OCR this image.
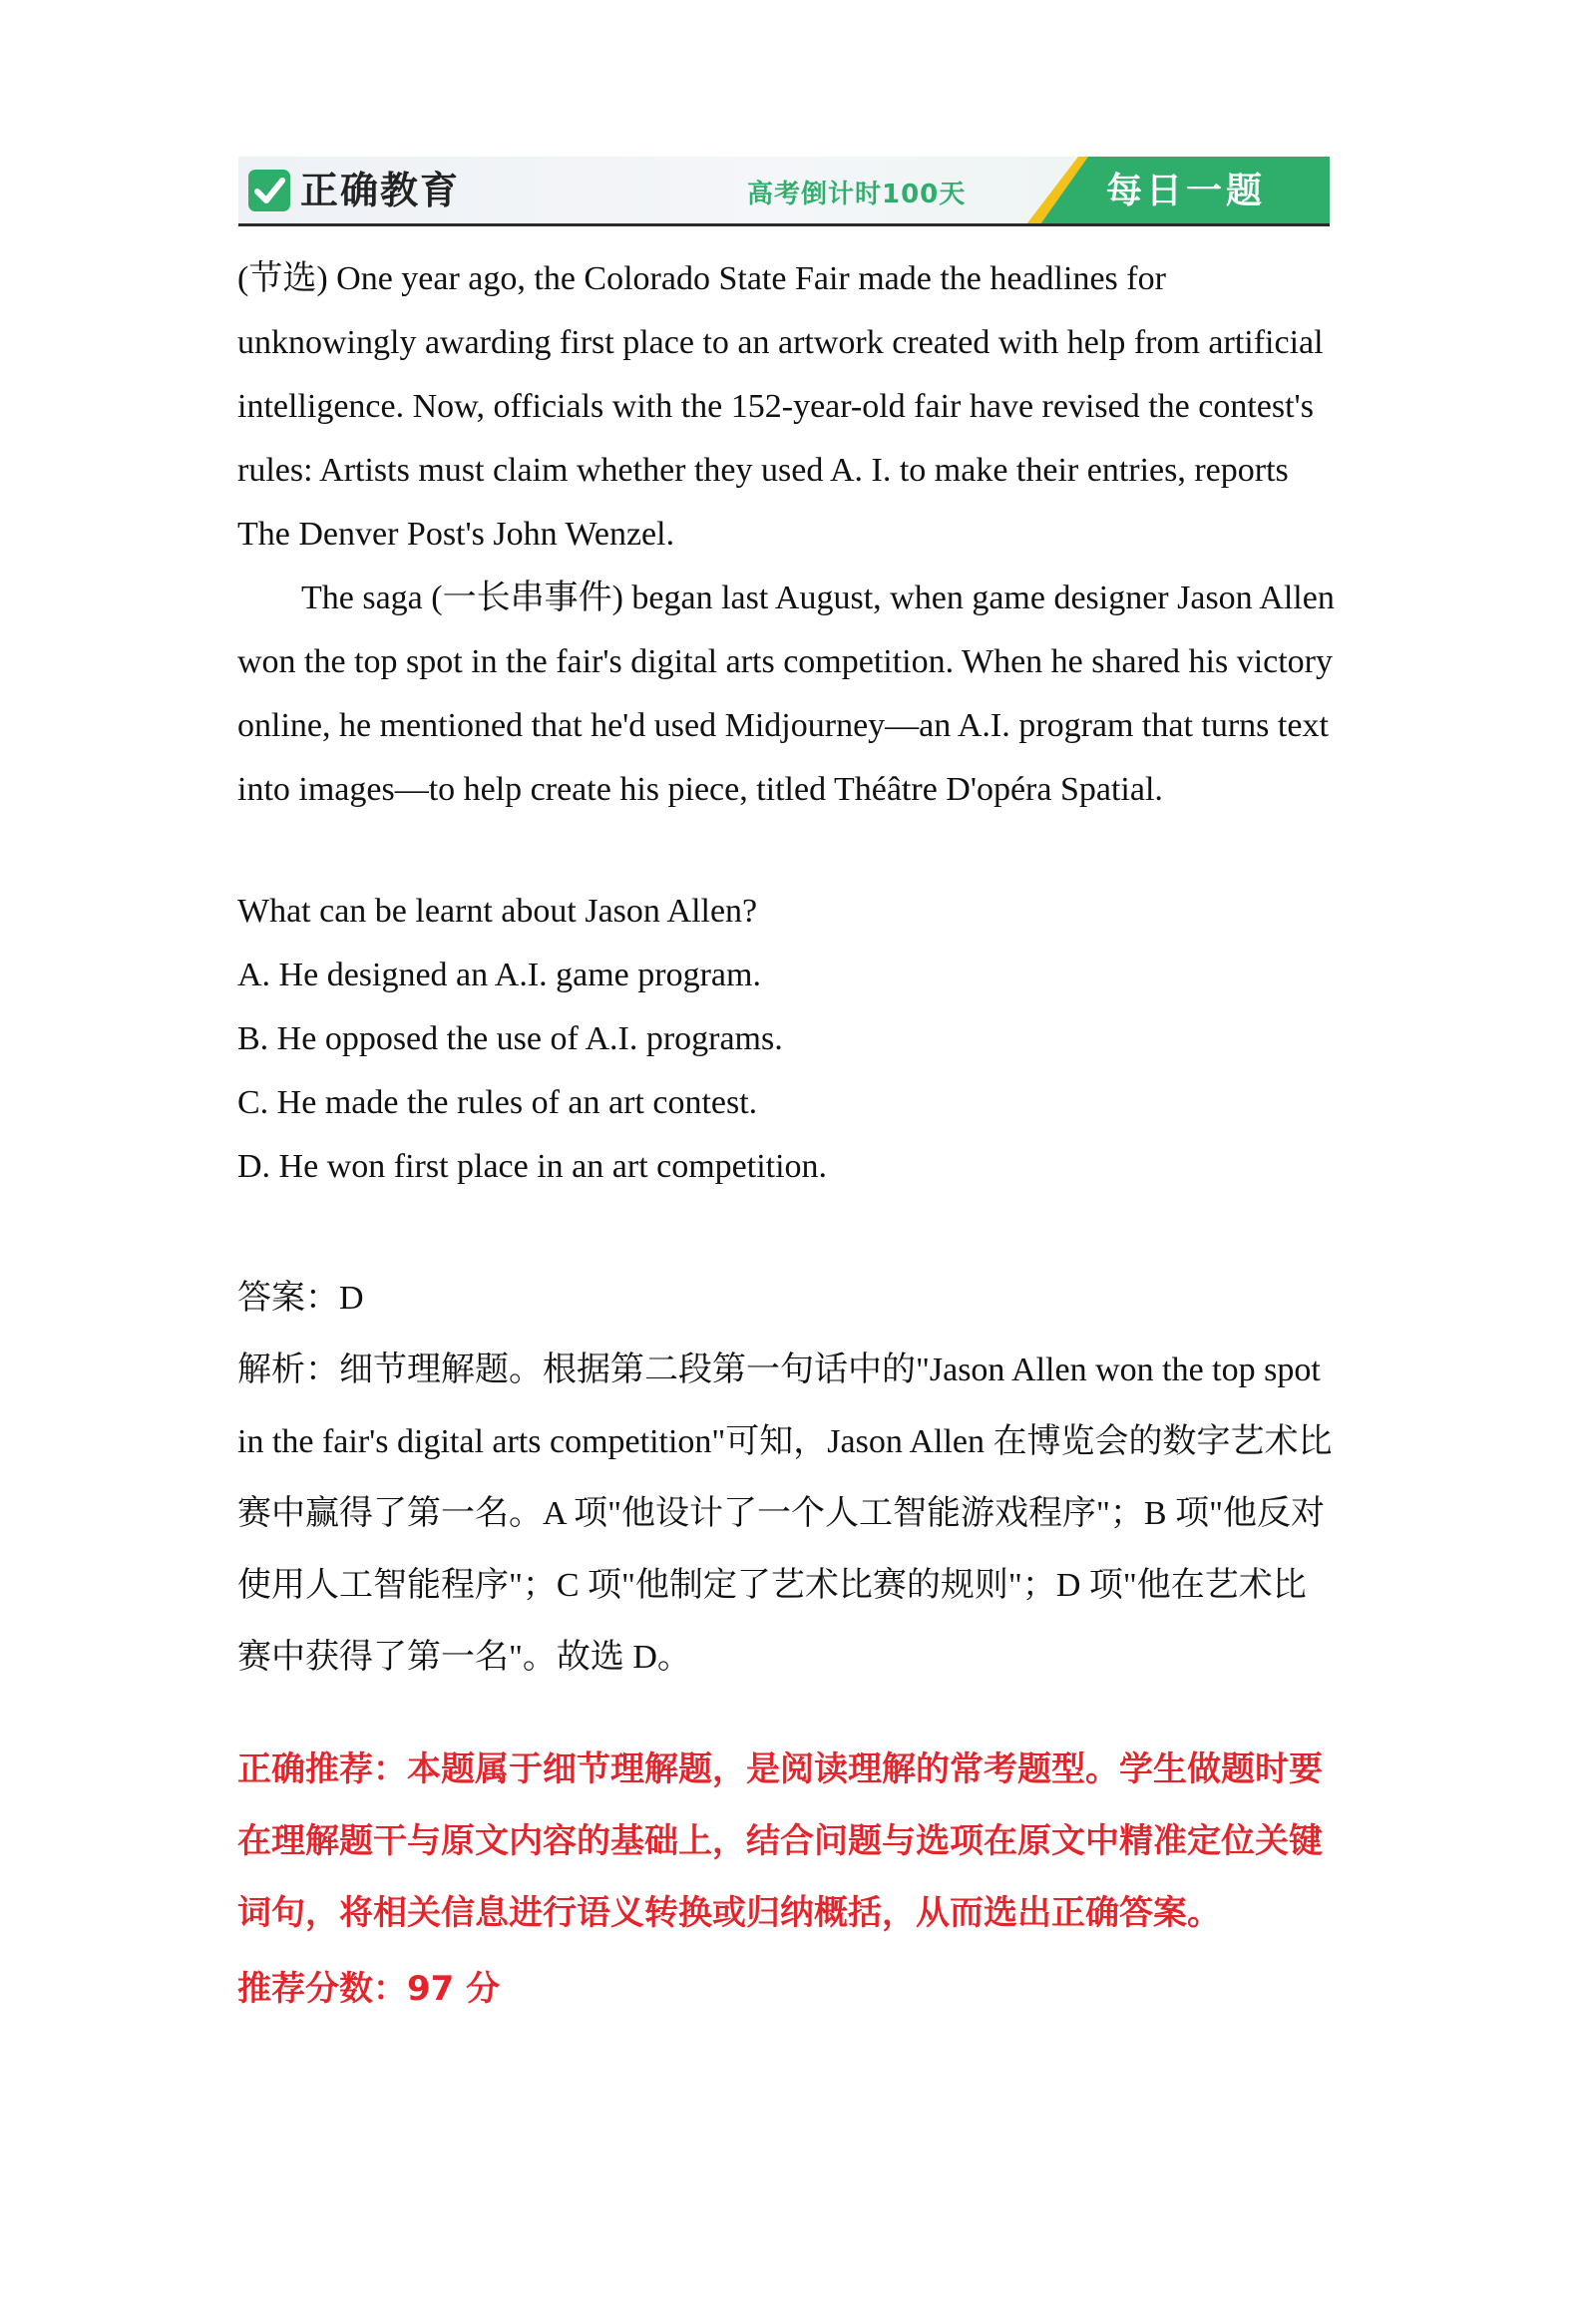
正确教育	高考倒计时100天	每日一题

(节选) One year ago, the Colorado State Fair made the headlines for unknowingly awarding first place to an artwork created with help from artificial intelligence. Now, officials with the 152-year-old fair have revised the contest's rules: Artists must claim whether they used A. I. to make their entries, reports The Denver Post's John Wenzel.

The saga (一长串事件) began last August, when game designer Jason Allen won the top spot in the fair's digital arts competition. When he shared his victory online, he mentioned that he'd used Midjourney—an A.I. program that turns text into images—to help create his piece, titled Théâtre D'opéra Spatial.

What can be learnt about Jason Allen?

A. He designed an A.I. game program.

B. He opposed the use of A.I. programs.

C. He made the rules of an art contest.

D. He won first place in an art competition.

答案：D

解析：细节理解题。根据第二段第一句话中的"Jason Allen won the top spot in the fair's digital arts competition"可知，Jason Allen 在博览会的数字艺术比赛中赢得了第一名。A 项"他设计了一个人工智能游戏程序"；B 项"他反对使用人工智能程序"；C 项"他制定了艺术比赛的规则"；D 项"他在艺术比赛中获得了第一名"。故选 D。

正确推荐：本题属于细节理解题，是阅读理解的常考题型。学生做题时要在理解题干与原文内容的基础上，结合问题与选项在原文中精准定位关键词句，将相关信息进行语义转换或归纳概括，从而选出正确答案。

推荐分数：97 分
